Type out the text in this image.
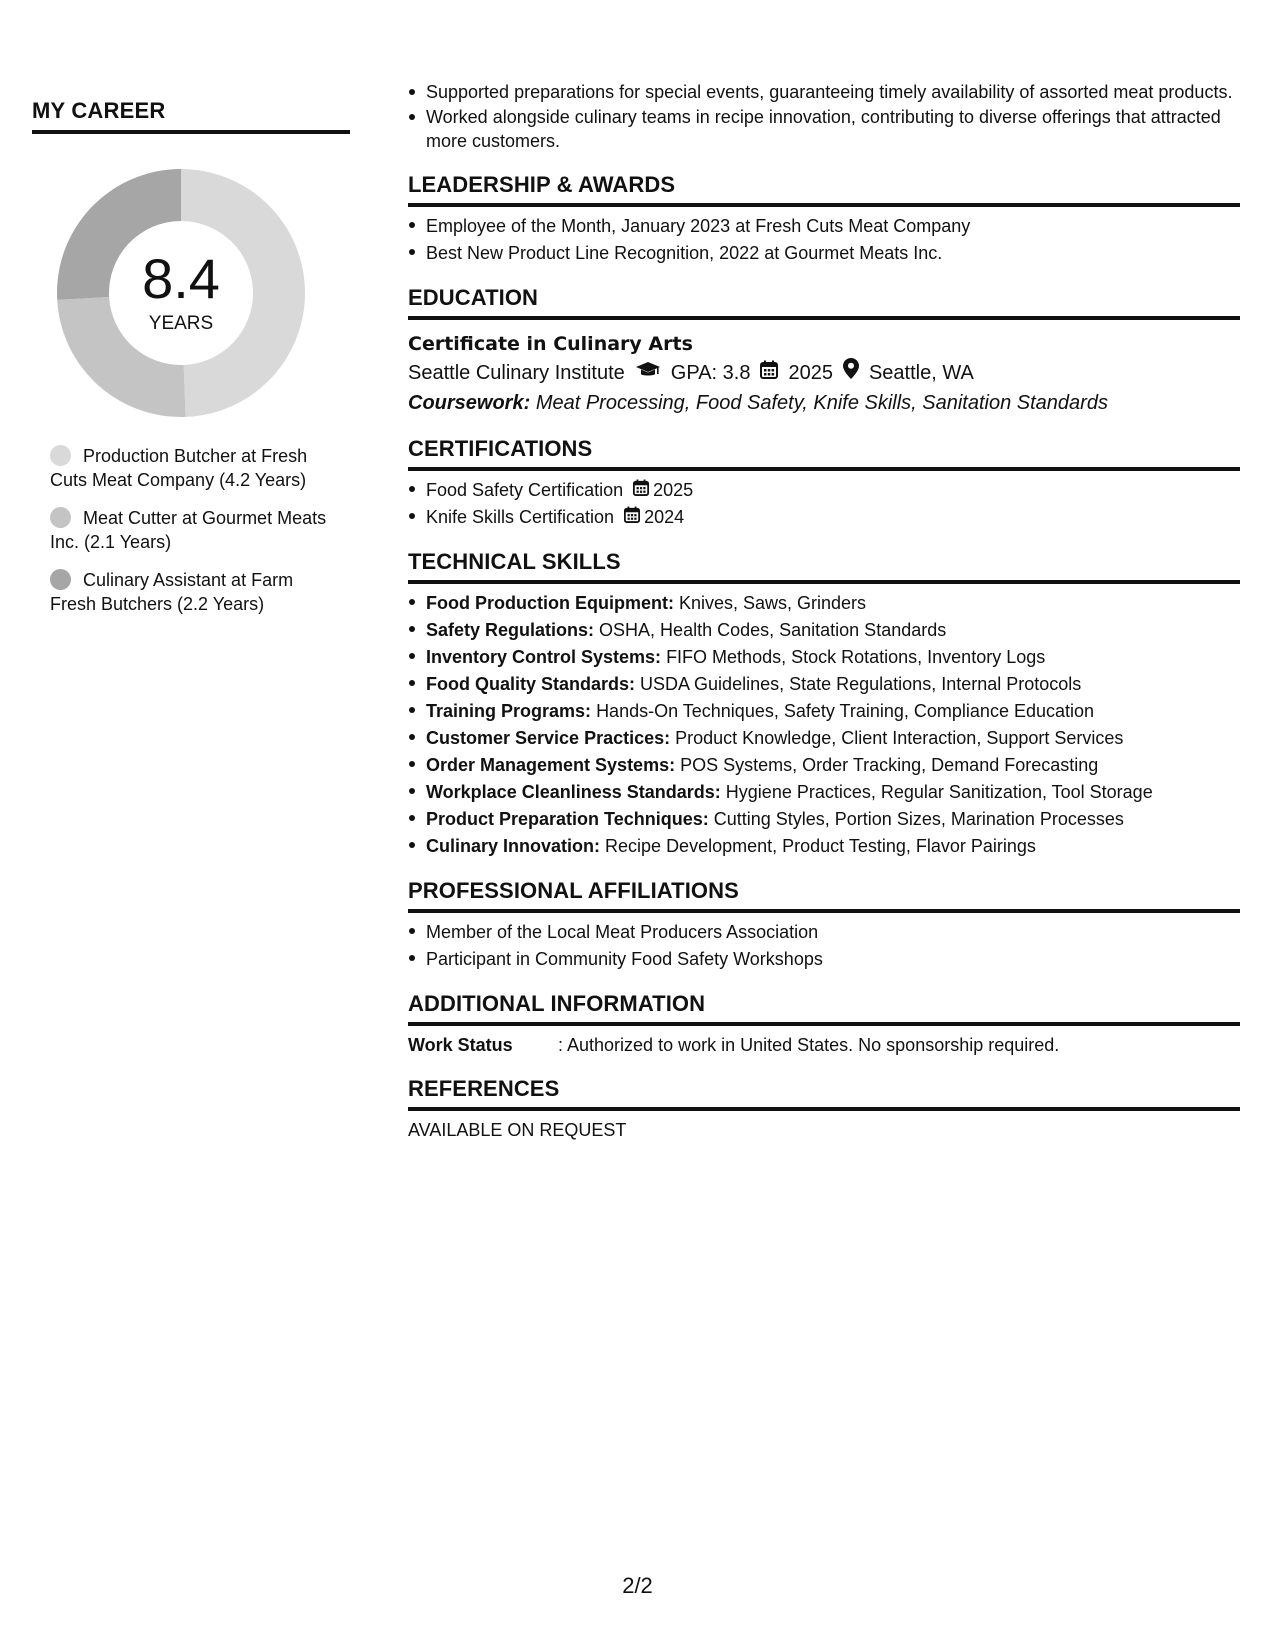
MY CAREER
8.4
YEARS
Production Butcher at Fresh Cuts Meat Company (4.2 Years)
Meat Cutter at Gourmet Meats Inc. (2.1 Years)
Culinary Assistant at Farm Fresh Butchers (2.2 Years)
Supported preparations for special events, guaranteeing timely availability of assorted meat products.
Worked alongside culinary teams in recipe innovation, contributing to diverse offerings that attracted more customers.
LEADERSHIP & AWARDS
Employee of the Month, January 2023 at Fresh Cuts Meat Company
Best New Product Line Recognition, 2022 at Gourmet Meats Inc.
EDUCATION
Certificate in Culinary Arts
Seattle Culinary Institute GPA: 3.8 2025 Seattle, WA
Coursework: Meat Processing, Food Safety, Knife Skills, Sanitation Standards
CERTIFICATIONS
Food Safety Certification 2025
Knife Skills Certification 2024
TECHNICAL SKILLS
Food Production Equipment: Knives, Saws, Grinders
Safety Regulations: OSHA, Health Codes, Sanitation Standards
Inventory Control Systems: FIFO Methods, Stock Rotations, Inventory Logs
Food Quality Standards: USDA Guidelines, State Regulations, Internal Protocols
Training Programs: Hands-On Techniques, Safety Training, Compliance Education
Customer Service Practices: Product Knowledge, Client Interaction, Support Services
Order Management Systems: POS Systems, Order Tracking, Demand Forecasting
Workplace Cleanliness Standards: Hygiene Practices, Regular Sanitization, Tool Storage
Product Preparation Techniques: Cutting Styles, Portion Sizes, Marination Processes
Culinary Innovation: Recipe Development, Product Testing, Flavor Pairings
PROFESSIONAL AFFILIATIONS
Member of the Local Meat Producers Association
Participant in Community Food Safety Workshops
ADDITIONAL INFORMATION
Work Status	: Authorized to work in United States. No sponsorship required.
REFERENCES
AVAILABLE ON REQUEST
2/2
